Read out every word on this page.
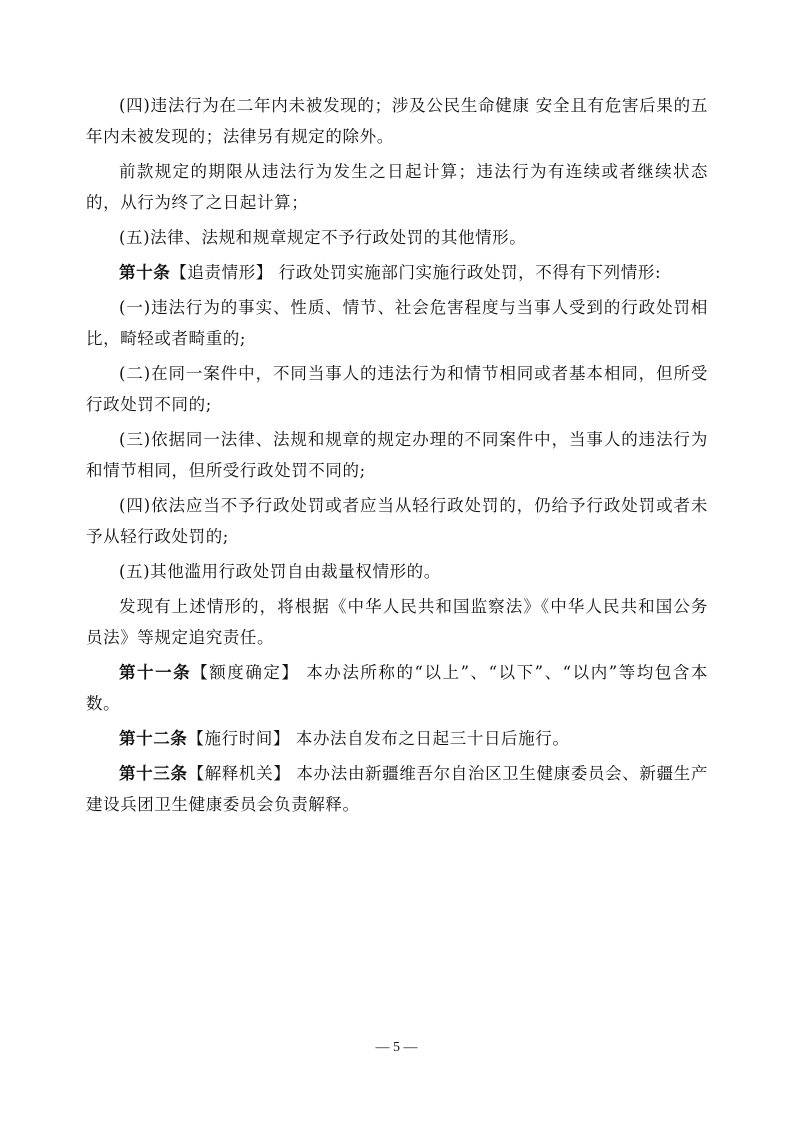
(四)违法行为在二年内未被发现的；涉及公民生命健康 安全且有危害后果的五年内未被发现的；法律另有规定的除外。

前款规定的期限从违法行为发生之日起计算；违法行为有连续或者继续状态的，从行为终了之日起计算；

(五)法律、法规和规章规定不予行政处罚的其他情形。

第十条【追责情形】 行政处罚实施部门实施行政处罚，不得有下列情形:

(一)违法行为的事实、性质、情节、社会危害程度与当事人受到的行政处罚相比，畸轻或者畸重的;

(二)在同一案件中，不同当事人的违法行为和情节相同或者基本相同，但所受行政处罚不同的;

(三)依据同一法律、法规和规章的规定办理的不同案件中，当事人的违法行为和情节相同，但所受行政处罚不同的;

(四)依法应当不予行政处罚或者应当从轻行政处罚的，仍给予行政处罚或者未予从轻行政处罚的;

(五)其他滥用行政处罚自由裁量权情形的。

发现有上述情形的，将根据《中华人民共和国监察法》《中华人民共和国公务员法》等规定追究责任。

第十一条【额度确定】 本办法所称的“以上”、“以下”、“以内”等均包含本数。

第十二条【施行时间】 本办法自发布之日起三十日后施行。

第十三条【解释机关】 本办法由新疆维吾尔自治区卫生健康委员会、新疆生产建设兵团卫生健康委员会负责解释。

— 5 —
